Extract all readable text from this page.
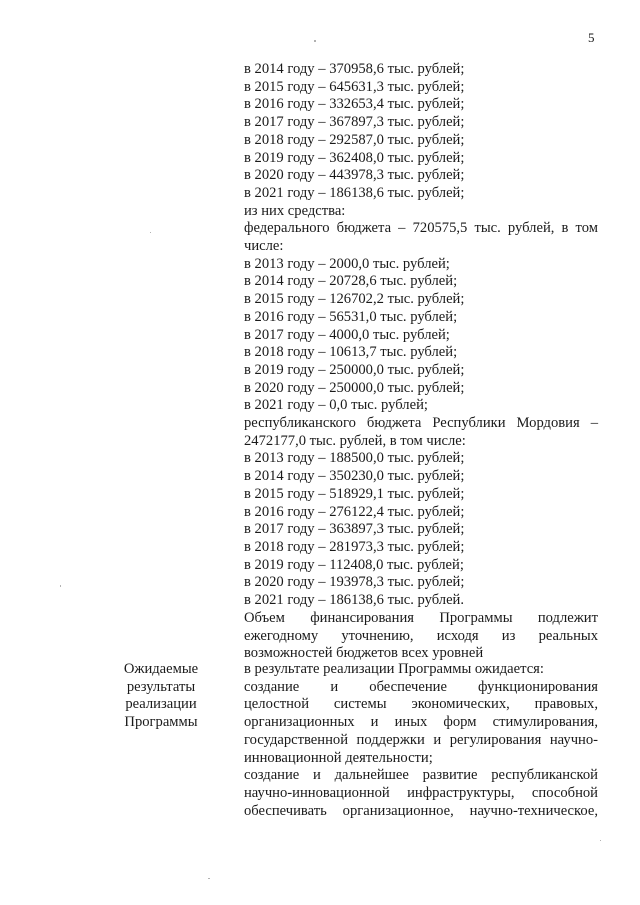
5
в 2014 году – 370958,6 тыс. рублей;
в 2015 году – 645631,3 тыс. рублей;
в 2016 году – 332653,4 тыс. рублей;
в 2017 году – 367897,3 тыс. рублей;
в 2018 году – 292587,0 тыс. рублей;
в 2019 году – 362408,0 тыс. рублей;
в 2020 году – 443978,3 тыс. рублей;
в 2021 году – 186138,6 тыс. рублей;
из них средства:
федерального бюджета – 720575,5 тыс. рублей, в том
числе:
в 2013 году – 2000,0 тыс. рублей;
в 2014 году – 20728,6 тыс. рублей;
в 2015 году – 126702,2 тыс. рублей;
в 2016 году – 56531,0 тыс. рублей;
в 2017 году – 4000,0 тыс. рублей;
в 2018 году – 10613,7 тыс. рублей;
в 2019 году – 250000,0 тыс. рублей;
в 2020 году – 250000,0 тыс. рублей;
в 2021 году – 0,0 тыс. рублей;
республиканского бюджета Республики Мордовия –
2472177,0 тыс. рублей, в том числе:
в 2013 году – 188500,0 тыс. рублей;
в 2014 году – 350230,0 тыс. рублей;
в 2015 году – 518929,1 тыс. рублей;
в 2016 году – 276122,4 тыс. рублей;
в 2017 году – 363897,3 тыс. рублей;
в 2018 году – 281973,3 тыс. рублей;
в 2019 году – 112408,0 тыс. рублей;
в 2020 году – 193978,3 тыс. рублей;
в 2021 году – 186138,6 тыс. рублей.
Объем финансирования Программы подлежит
ежегодному уточнению, исходя из реальных
возможностей бюджетов всех уровней
Ожидаемые
результаты
реализации
Программы
в результате реализации Программы ожидается:
создание и обеспечение функционирования
целостной системы экономических, правовых,
организационных и иных форм стимулирования,
государственной поддержки и регулирования научно-
инновационной деятельности;
создание и дальнейшее развитие республиканской
научно-инновационной инфраструктуры, способной
обеспечивать организационное, научно-техническое,
